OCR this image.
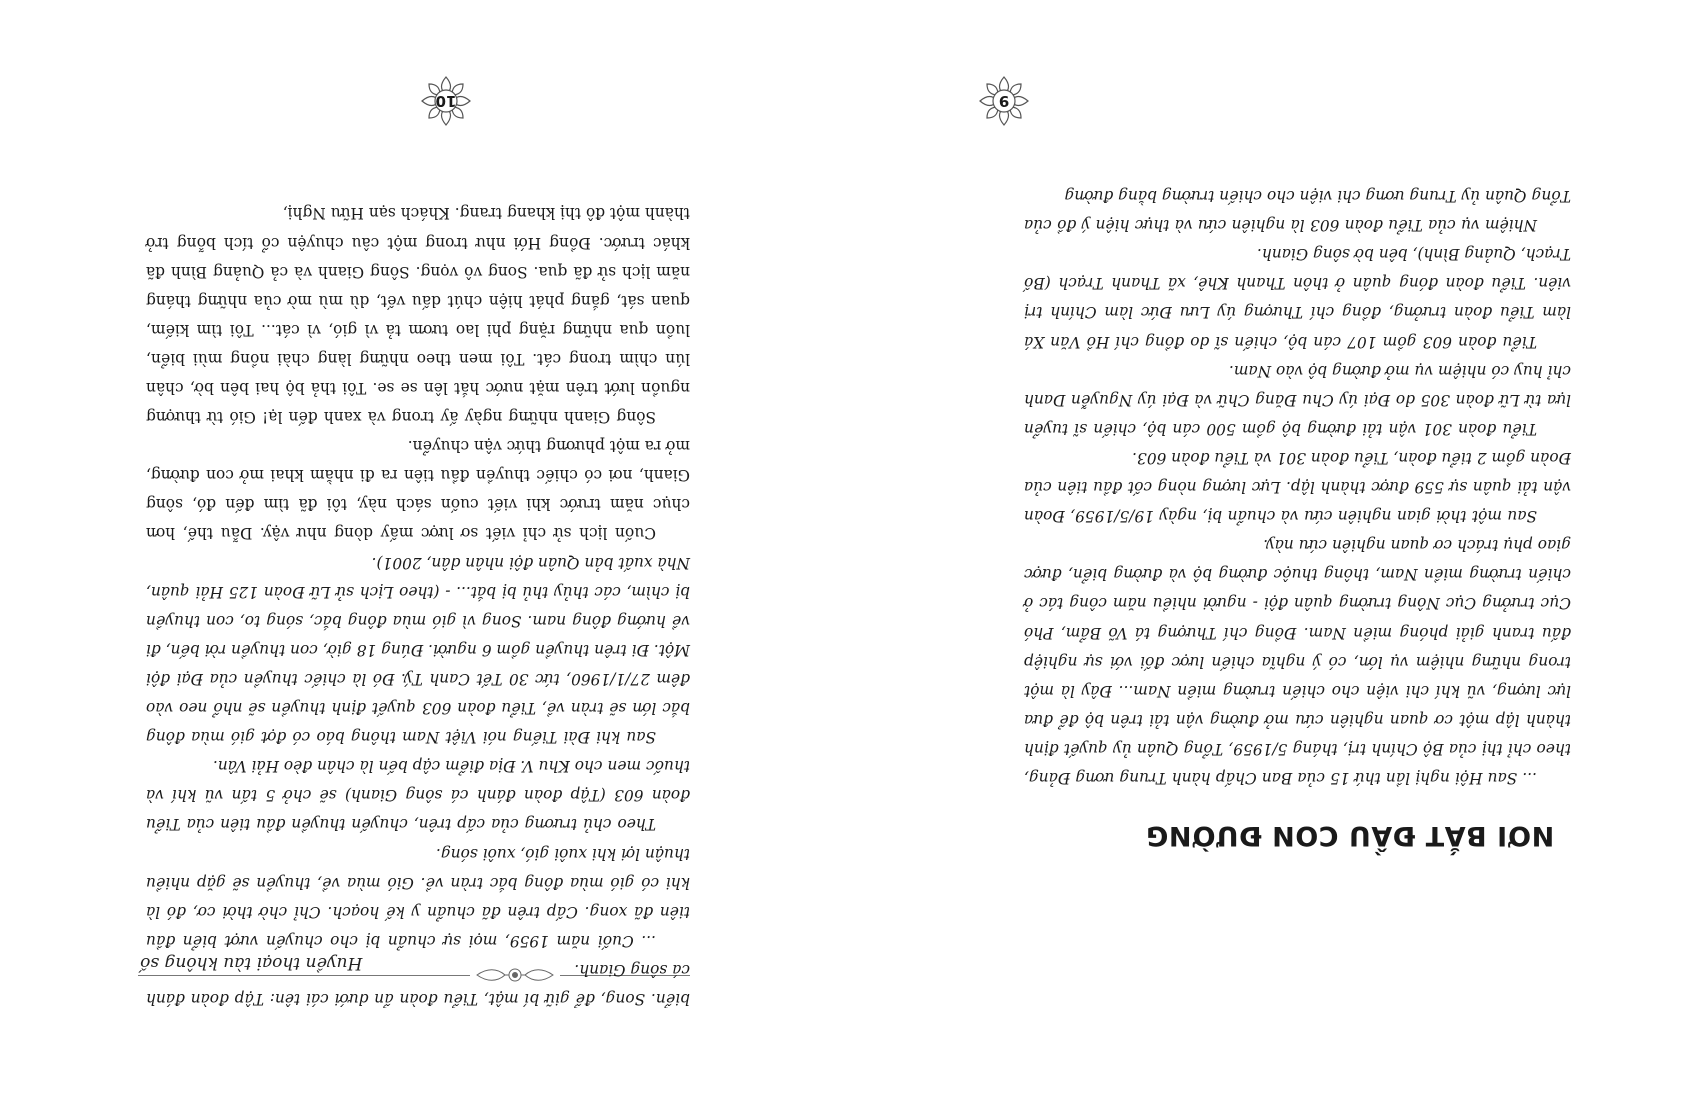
NƠI BẮT ĐẦU CON ĐƯỜNG

... Sau Hội nghị lần thứ 15 của Ban Chấp hành Trung ương Đảng, theo chỉ thị của Bộ Chính trị, tháng 5/1959, Tổng Quân ủy quyết định thành lập một cơ quan nghiên cứu mở đường vận tải trên bộ để đưa lực lượng, vũ khí chi viện cho chiến trường miền Nam... Đây là một trong những nhiệm vụ lớn, có ý nghĩa chiến lược đối với sự nghiệp đấu tranh giải phóng miền Nam. Đồng chí Thượng tá Võ Bẩm, Phó Cục trưởng Cục Nông trường quân đội - người nhiều năm công tác ở chiến trường miền Nam, thông thuộc đường bộ và đường biển, được giao phụ trách cơ quan nghiên cứu này.

Sau một thời gian nghiên cứu và chuẩn bị, ngày 19/5/1959, Đoàn vận tải quân sự 559 được thành lập. Lực lượng nòng cốt đầu tiên của Đoàn gồm 2 tiểu đoàn, Tiểu đoàn 301 và Tiểu đoàn 603.

Tiểu đoàn 301 vận tải đường bộ gồm 500 cán bộ, chiến sĩ tuyển lựa từ Lữ đoàn 305 do Đại úy Chu Đăng Chữ và Đại úy Nguyễn Danh chỉ huy có nhiệm vụ mở đường bộ vào Nam.

Tiểu đoàn 603 gồm 107 cán bộ, chiến sĩ do đồng chí Hồ Văn Xá làm Tiểu đoàn trưởng, đồng chí Thượng úy Lưu Đức làm Chính trị viên. Tiểu đoàn đóng quân ở thôn Thanh Khê, xã Thanh Trạch (Bố Trạch, Quảng Bình), bên bờ sông Gianh.

Nhiệm vụ của Tiểu đoàn 603 là nghiên cứu và thực hiện ý đồ của Tổng Quân ủy Trung ương chi viện cho chiến trường bằng đường

9
Huyền thoại tàu không số

biển. Song, để giữ bí mật, Tiểu đoàn ẩn dưới cái tên: Tập đoàn đánh cá sông Gianh.

... Cuối năm 1959, mọi sự chuẩn bị cho chuyến vượt biển đầu tiên đã xong. Cấp trên đã chuẩn y kế hoạch. Chỉ chờ thời cơ, đó là khi có gió mùa đông bắc tràn về. Gió mùa về, thuyền sẽ gặp nhiều thuận lợi khi xuôi gió, xuôi sóng.

Theo chủ trương của cấp trên, chuyến thuyền đầu tiên của Tiểu đoàn 603 (Tập đoàn đánh cá sông Gianh) sẽ chở 5 tấn vũ khí và thuốc men cho Khu V. Địa điểm cập bến là chân đèo Hải Vân.

Sau khi Đài Tiếng nói Việt Nam thông báo có đợt gió mùa đông bắc lớn sẽ tràn về, Tiểu đoàn 603 quyết định thuyền sẽ nhổ neo vào đêm 27/1/1960, tức 30 Tết Canh Tý. Đó là chiếc thuyền của Đại đội Một. Đi trên thuyền gồm 6 người. Đúng 18 giờ, con thuyền rời bến, đi về hướng đông nam. Song vì gió mùa đông bắc, sóng to, con thuyền bị chìm, các thủy thủ bị bắt... - (theo Lịch sử Lữ Đoàn 125 Hải quân, Nhà xuất bản Quân đội nhân dân, 2001).

Cuốn lịch sử chỉ viết sơ lược mấy dòng như vậy. Dẫu thế, hơn chục năm trước khi viết cuốn sách này, tôi đã tìm đến đó, sông Gianh, nơi có chiếc thuyền đầu tiên ra đi nhằm khai mở con đường, mở ra một phương thức vận chuyển.

Sông Gianh những ngày ấy trong và xanh đến lạ! Gió từ thượng nguồn lướt trên mặt nước hắt lên se se. Tôi thả bộ hai bên bờ, chân lún chìm trong cát. Tôi men theo những làng chài nồng mùi biển, luồn qua những rặng phi lao tươm tả vì gió, vì cát... Tôi tìm kiếm, quan sát, gắng phát hiện chút dấu vết, dù mù mờ của những tháng năm lịch sử đã qua. Song vô vọng. Sông Gianh và cả Quảng Bình đã khác trước. Đồng Hới như trong một câu chuyện cổ tích bỗng trở thành một đô thị khang trang. Khách sạn Hữu Nghị,

10
